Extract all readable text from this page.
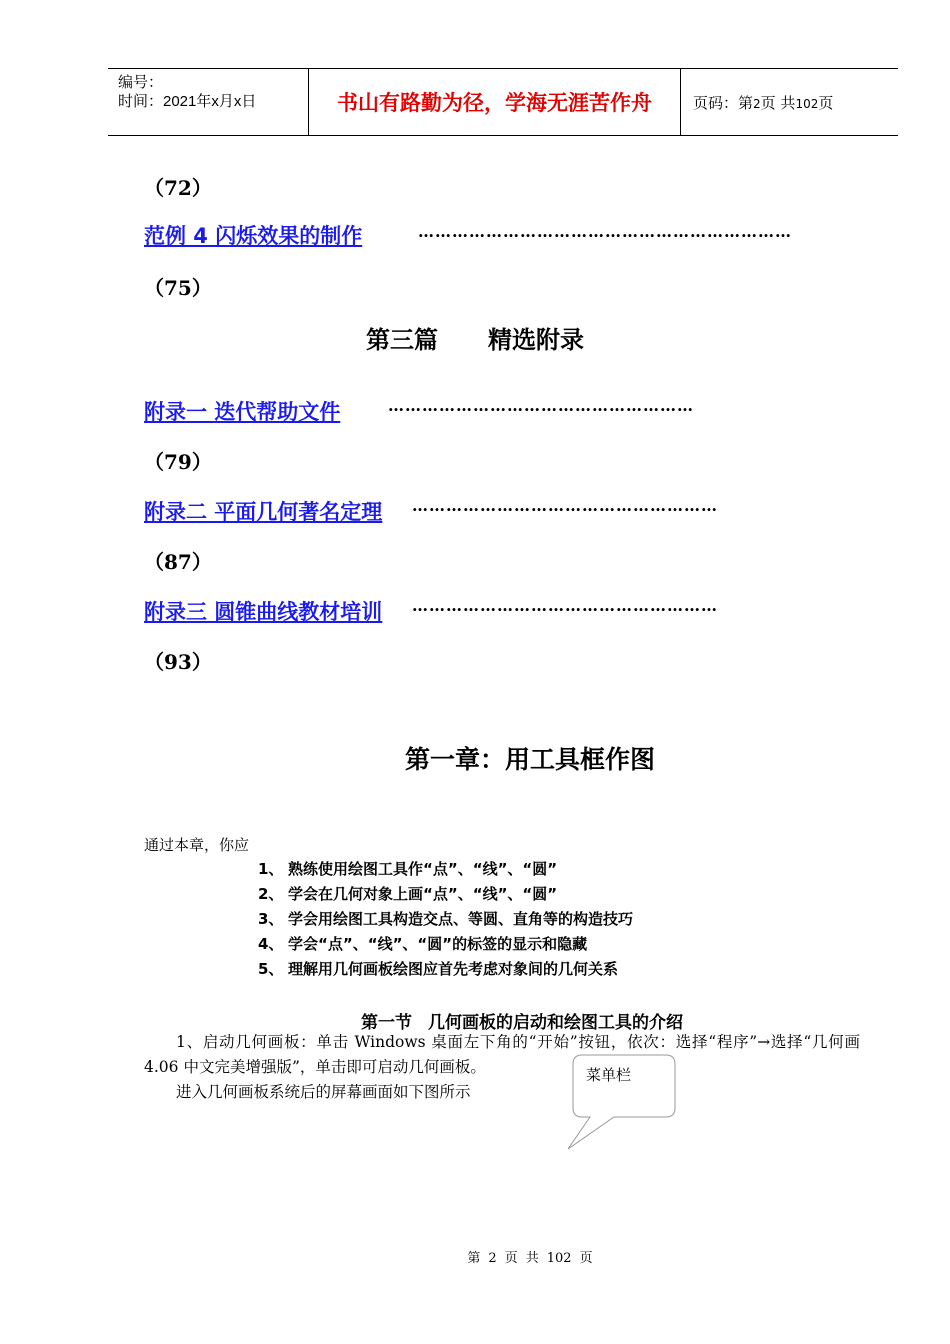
编号：
时间：2021年x月x日	书山有路勤为径，学海无涯苦作舟	页码：第2页 共102页
（72）
范例 4 闪烁效果的制作	…………………………………………………………
（75）
第三篇 精选附录
附录一 迭代帮助文件	………………………………………………
（79）
附录二 平面几何著名定理 ………………………………………………
（87）
附录三 圆锥曲线教材培训 ………………………………………………
（93）
第一章：用工具框作图
通过本章，你应
1、 熟练使用绘图工具作“点”、“线”、“圆”
2、 学会在几何对象上画“点”、“线”、“圆”
3、 学会用绘图工具构造交点、等圆、直角等的构造技巧
4、 学会“点”、“线”、“圆”的标签的显示和隐藏
5、 理解用几何画板绘图应首先考虑对象间的几何关系
第一节 几何画板的启动和绘图工具的介绍
1、启动几何画板：单击 Windows 桌面左下角的“开始”按钮，依次：选择“程序”→选择“几何画 4.06 中文完美增强版”，单击即可启动几何画板。
进入几何画板系统后的屏幕画面如下图所示
菜单栏
第 2 页 共 102 页
